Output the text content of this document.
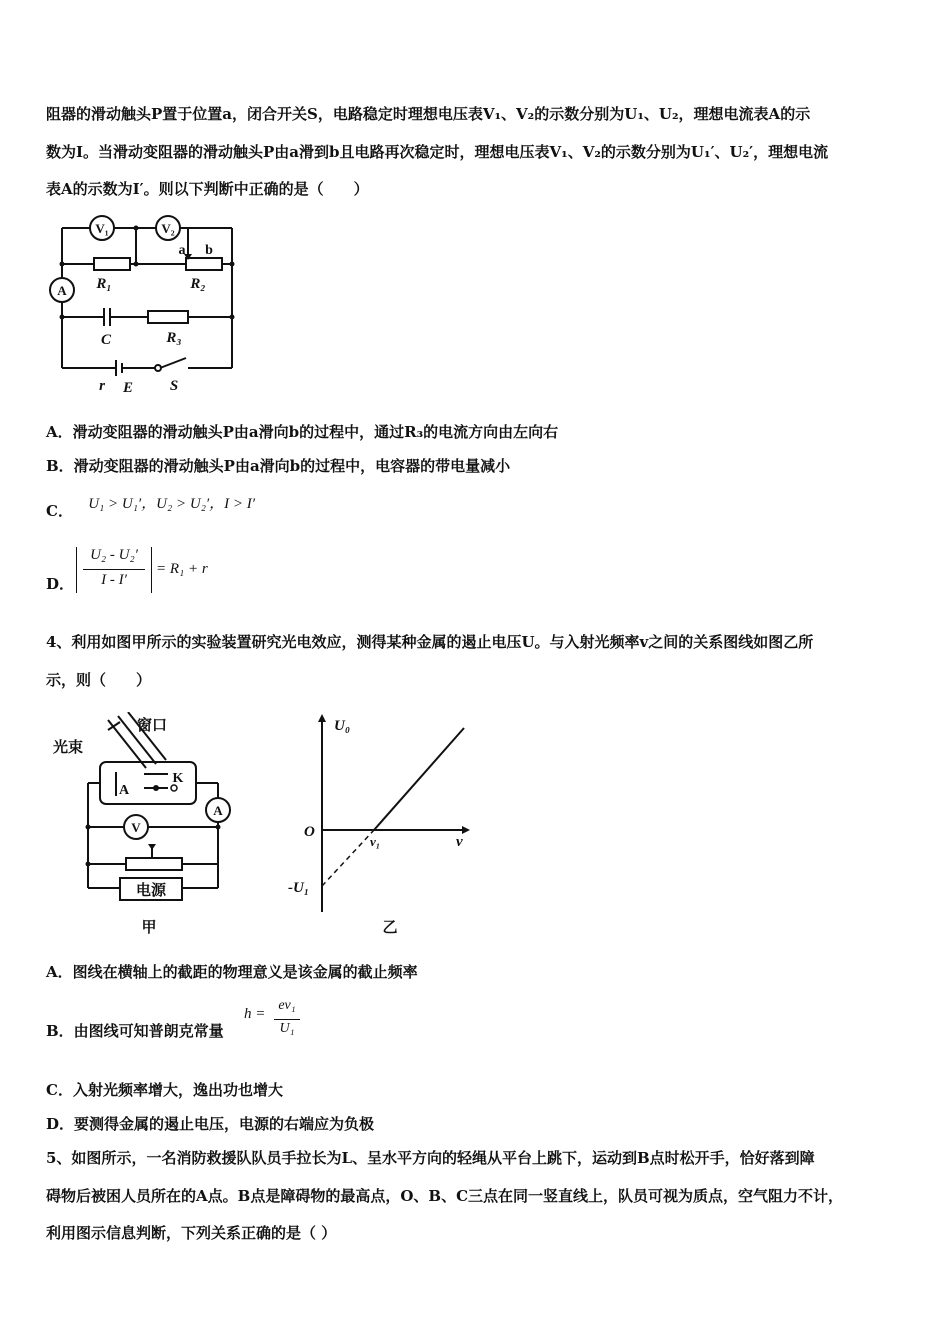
阻器的滑动触头P置于位置a，闭合开关S，电路稳定时理想电压表V₁、V₂的示数分别为U₁、U₂，理想电流表A的示
数为I。当滑动变阻器的滑动触头P由a滑到b且电路再次稳定时，理想电压表V₁、V₂的示数分别为U₁′、U₂′，理想电流
表A的示数为I′。则以下判断中正确的是（　　）
V₁	V₂
A
a b
R₁	R₂
C	R₃
r E S
A．滑动变阻器的滑动触头P由a滑向b的过程中，通过R₃的电流方向由左向右
B．滑动变阻器的滑动触头P由a滑向b的过程中，电容器的带电量减小
C． U₁ > U₁′，U₂ > U₂′，I > I′
D．
U₂ - U₂′
I - I′
= R₁ + r
4、利用如图甲所示的实验装置研究光电效应，测得某种金属的遏止电压U。与入射光频率v之间的关系图线如图乙所
示，则（　　）
窗口
光束
K
A
A
V
电源
甲
U₀
O
v
v₁
-U₁
乙
A．图线在横轴上的截距的物理意义是该金属的截止频率
B．由图线可知普朗克常量
h =
ev₁
U₁
C．入射光频率增大，逸出功也增大
D．要测得金属的遏止电压，电源的右端应为负极
5、如图所示，一名消防救援队队员手拉长为L、呈水平方向的轻绳从平台上跳下，运动到B点时松开手，恰好落到障
碍物后被困人员所在的A点。B点是障碍物的最高点，O、B、C三点在同一竖直线上，队员可视为质点，空气阻力不计，
利用图示信息判断，下列关系正确的是（ ）
